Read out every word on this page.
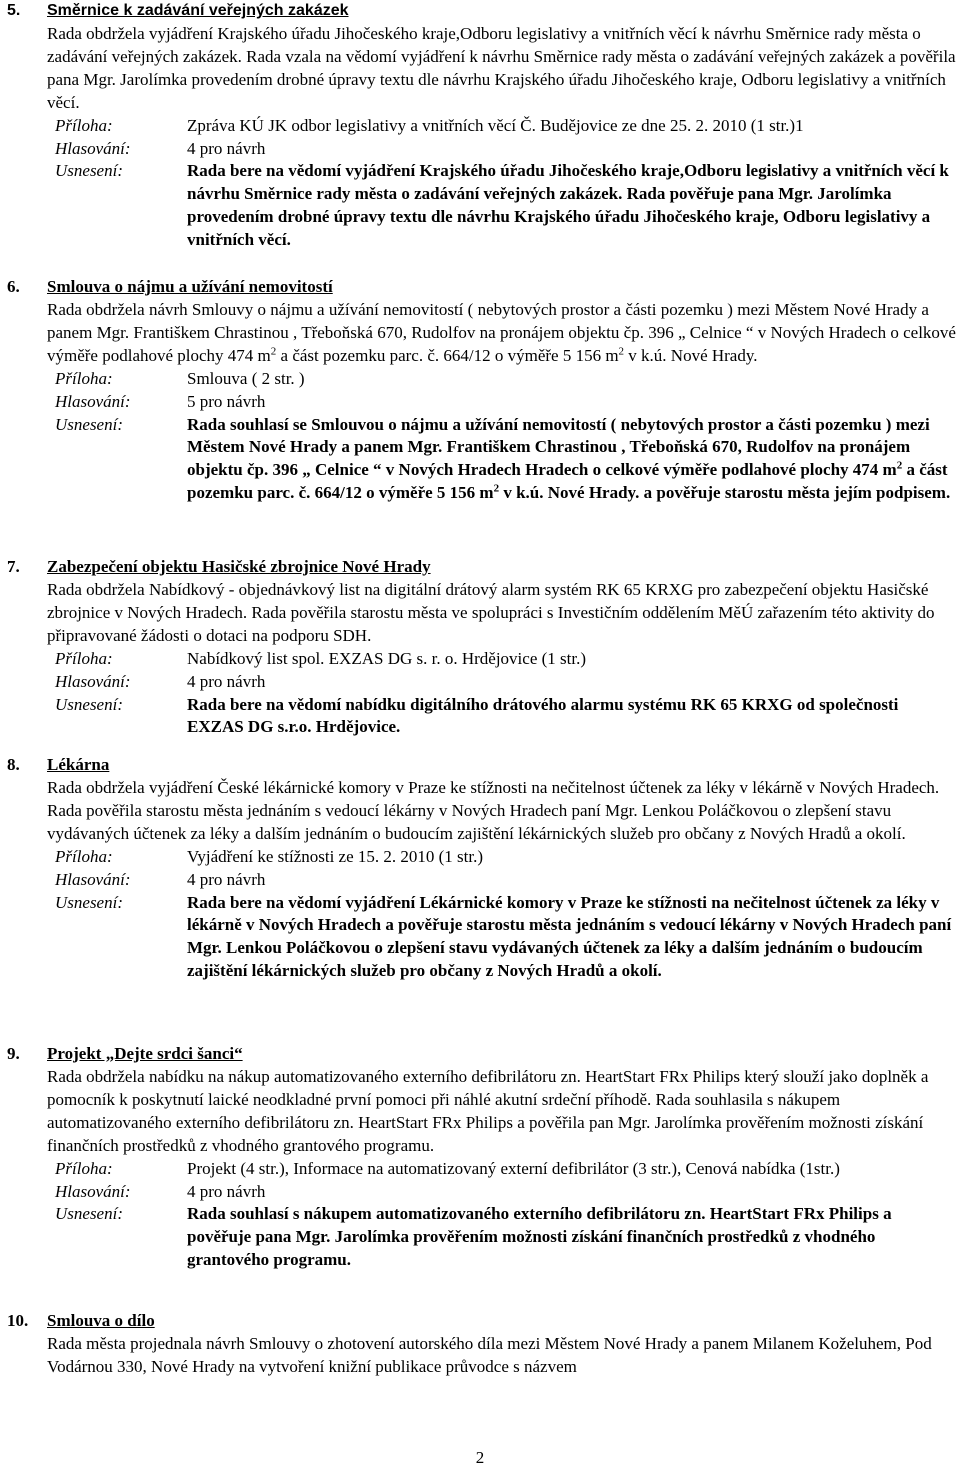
5. Směrnice k zadávání veřejných zakázek

Rada obdržela vyjádření Krajského úřadu Jihočeského kraje,Odboru legislativy a vnitřních věcí k návrhu Směrnice rady města o zadávání veřejných zakázek. Rada vzala na vědomí vyjádření k návrhu Směrnice rady města o zadávání veřejných zakázek a pověřila pana Mgr. Jarolímka provedením drobné úpravy textu dle návrhu Krajského úřadu Jihočeského kraje, Odboru legislativy a vnitřních věcí.

Příloha:	Zpráva KÚ JK odbor legislativy a vnitřních věcí Č. Budějovice ze dne 25. 2. 2010 (1 str.)1
Hlasování:	4 pro návrh
Usnesení:	Rada bere na vědomí vyjádření Krajského úřadu Jihočeského kraje,Odboru legislativy a vnitřních věcí k návrhu Směrnice rady města o zadávání veřejných zakázek. Rada pověřuje pana Mgr. Jarolímka provedením drobné úpravy textu dle návrhu Krajského úřadu Jihočeského kraje, Odboru legislativy a vnitřních věcí.
6. Smlouva o nájmu a užívání nemovitostí

Rada obdržela návrh Smlouvy o nájmu a užívání nemovitostí ( nebytových prostor a části pozemku ) mezi Městem Nové Hrady a panem Mgr. Františkem Chrastinou , Třeboňská 670, Rudolfov na pronájem objektu čp. 396 „ Celnice “ v Nových Hradech o celkové výměře podlahové plochy 474 $m^2$ a část pozemku parc. č. 664/12 o výměře 5 156 $m^2$ v k.ú. Nové Hrady.

Příloha:	Smlouva ( 2 str. )
Hlasování:	5 pro návrh
Usnesení:	Rada souhlasí se Smlouvou o nájmu a užívání nemovitostí ( nebytových prostor a části pozemku ) mezi Městem Nové Hrady a panem Mgr. Františkem Chrastinou , Třeboňská 670, Rudolfov na pronájem objektu čp. 396 „ Celnice “ v Nových Hradech Hradech o celkové výměře podlahové plochy 474 $m^2$ a část pozemku parc. č. 664/12 o výměře 5 156 $m^2$ v k.ú. Nové Hrady. a pověřuje starostu města jejím podpisem.
7. Zabezpečení objektu Hasičské zbrojnice Nové Hrady

Rada obdržela Nabídkový - objednávkový list na digitální drátový alarm systém RK 65 KRXG pro zabezpečení objektu Hasičské zbrojnice v Nových Hradech. Rada pověřila starostu města ve spolupráci s Investičním oddělením MěÚ zařazením této aktivity do připravované žádosti o dotaci na podporu SDH.

Příloha:	Nabídkový list spol. EXZAS DG s. r. o. Hrdějovice (1 str.)
Hlasování:	4 pro návrh
Usnesení:	Rada bere na vědomí nabídku digitálního drátového alarmu systému RK 65 KRXG od společnosti EXZAS DG s.r.o. Hrdějovice.
8. Lékárna

Rada obdržela vyjádření České lékárnické komory v Praze ke stížnosti na nečitelnost účtenek za léky v lékárně v Nových Hradech. Rada pověřila starostu města jednáním s vedoucí lékárny v Nových Hradech paní Mgr. Lenkou Poláčkovou o zlepšení stavu vydávaných účtenek za léky a dalším jednáním o budoucím zajištění lékárnických služeb pro občany z Nových Hradů a okolí.

Příloha:	Vyjádření ke stížnosti ze 15. 2. 2010 (1 str.)
Hlasování:	4 pro návrh
Usnesení:	Rada bere na vědomí vyjádření Lékárnické komory v Praze ke stížnosti na nečitelnost účtenek za léky v lékárně v Nových Hradech a pověřuje starostu města jednáním s vedoucí lékárny v Nových Hradech paní Mgr. Lenkou Poláčkovou o zlepšení stavu vydávaných účtenek za léky a dalším jednáním o budoucím zajištění lékárnických služeb pro občany z Nových Hradů a okolí.
9. Projekt „Dejte srdci šanci“

Rada obdržela nabídku na nákup automatizovaného externího defibrilátoru zn. HeartStart FRx Philips který slouží jako doplněk a pomocník k poskytnutí laické neodkladné první pomoci při náhlé akutní srdeční příhodě. Rada souhlasila s nákupem automatizovaného externího defibrilátoru zn. HeartStart FRx Philips a pověřila pan Mgr. Jarolímka prověřením možnosti získání finančních prostředků z vhodného grantového programu.

Příloha:	Projekt (4 str.), Informace na automatizovaný externí defibrilátor (3 str.), Cenová nabídka (1str.)
Hlasování:	4 pro návrh
Usnesení:	Rada souhlasí s nákupem automatizovaného externího defibrilátoru zn. HeartStart FRx Philips a pověřuje pana Mgr. Jarolímka prověřením možnosti získání finančních prostředků z vhodného grantového programu.
10. Smlouva o dílo

Rada města projednala návrh Smlouvy o zhotovení autorského díla mezi Městem Nové Hrady a panem Milanem Koželuhem, Pod Vodárnou 330, Nové Hrady na vytvoření knižní publikace průvodce s názvem

2
